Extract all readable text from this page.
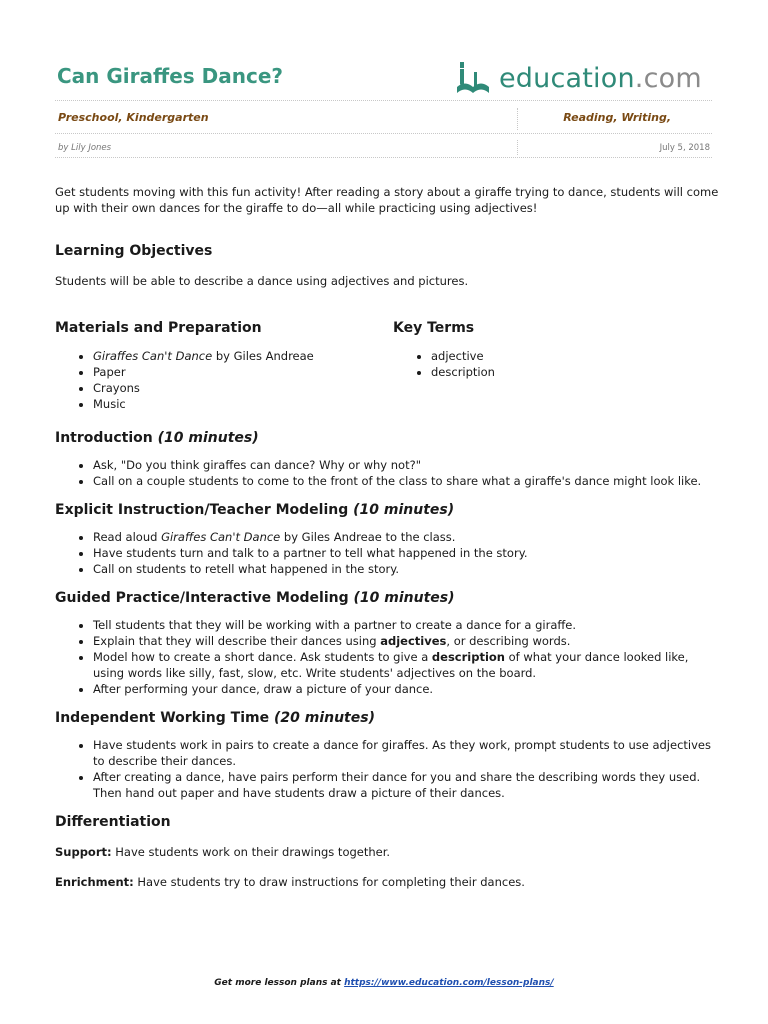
Can Giraffes Dance?	education.com
Preschool, Kindergarten	Reading, Writing,
by Lily Jones	July 5, 2018

Get students moving with this fun activity! After reading a story about a giraffe trying to dance, students will come up with their own dances for the giraffe to do—all while practicing using adjectives!

Learning Objectives

Students will be able to describe a dance using adjectives and pictures.

Materials and Preparation
• Giraffes Can't Dance by Giles Andreae
• Paper
• Crayons
• Music
Key Terms
• adjective
• description
Introduction (10 minutes)
• Ask, "Do you think giraffes can dance? Why or why not?"
• Call on a couple students to come to the front of the class to share what a giraffe's dance might look like.
Explicit Instruction/Teacher Modeling (10 minutes)
• Read aloud Giraffes Can't Dance by Giles Andreae to the class.
• Have students turn and talk to a partner to tell what happened in the story.
• Call on students to retell what happened in the story.
Guided Practice/Interactive Modeling (10 minutes)
• Tell students that they will be working with a partner to create a dance for a giraffe.
• Explain that they will describe their dances using adjectives, or describing words.
• Model how to create a short dance. Ask students to give a description of what your dance looked like, using words like silly, fast, slow, etc. Write students' adjectives on the board.
• After performing your dance, draw a picture of your dance.
Independent Working Time (20 minutes)
• Have students work in pairs to create a dance for giraffes. As they work, prompt students to use adjectives to describe their dances.
• After creating a dance, have pairs perform their dance for you and share the describing words they used. Then hand out paper and have students draw a picture of their dances.
Differentiation

Support: Have students work on their drawings together.

Enrichment: Have students try to draw instructions for completing their dances.

Get more lesson plans at https://www.education.com/lesson-plans/
